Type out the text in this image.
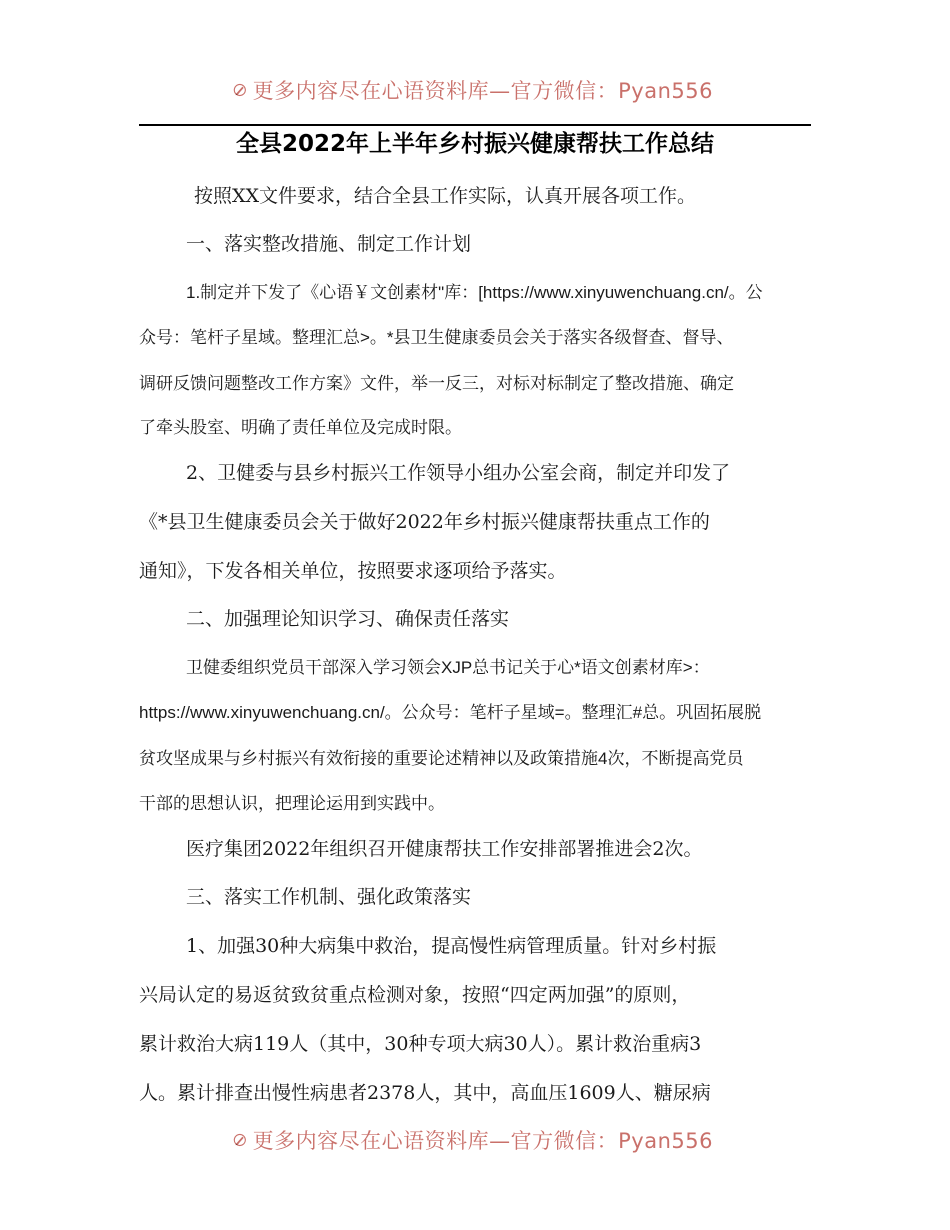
更多内容尽在心语资料库—官方微信：Pyan556
全县2022年上半年乡村振兴健康帮扶工作总结
按照XX文件要求，结合全县工作实际，认真开展各项工作。
一、落实整改措施、制定工作计划
1.制定并下发了《心语￥文创素材"库：[https://www.xinyuwenchuang.cn/。公
众号：笔杆子星域。整理汇总>。*县卫生健康委员会关于落实各级督查、督导、
调研反馈问题整改工作方案》文件，举一反三，对标对标制定了整改措施、确定
了牵头股室、明确了责任单位及完成时限。
2、卫健委与县乡村振兴工作领导小组办公室会商，制定并印发了
《*县卫生健康委员会关于做好2022年乡村振兴健康帮扶重点工作的
通知》，下发各相关单位，按照要求逐项给予落实。
二、加强理论知识学习、确保责任落实
卫健委组织党员干部深入学习领会XJP总书记关于心*语文创素材库>：
https://www.xinyuwenchuang.cn/。公众号：笔杆子星域=。整理汇#总。巩固拓展脱
贫攻坚成果与乡村振兴有效衔接的重要论述精神以及政策措施4次，不断提高党员
干部的思想认识，把理论运用到实践中。
医疗集团2022年组织召开健康帮扶工作安排部署推进会2次。
三、落实工作机制、强化政策落实
1、加强30种大病集中救治，提高慢性病管理质量。针对乡村振
兴局认定的易返贫致贫重点检测对象，按照“四定两加强”的原则，
累计救治大病119人（其中，30种专项大病30人）。累计救治重病3
人。累计排查出慢性病患者2378人，其中，高血压1609人、糖尿病
更多内容尽在心语资料库—官方微信：Pyan556
